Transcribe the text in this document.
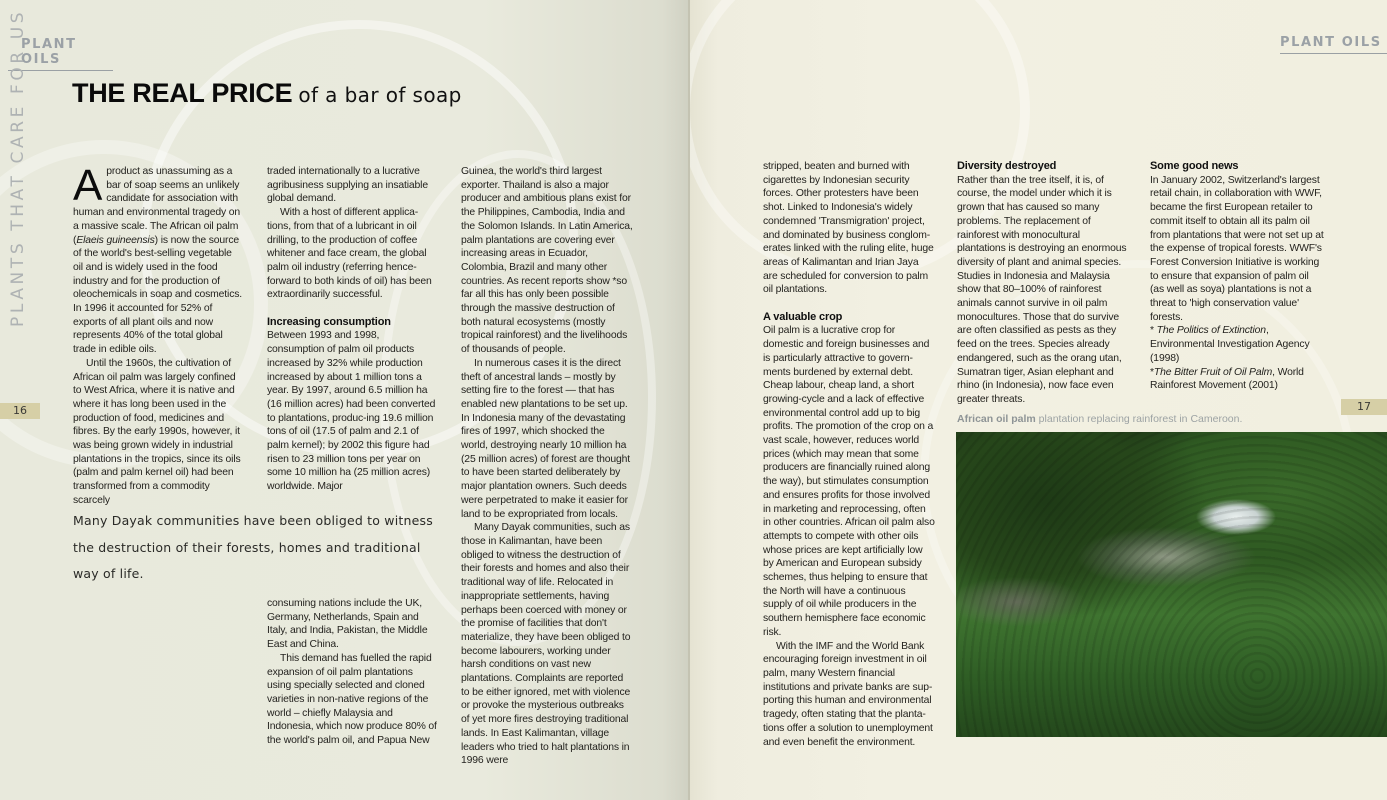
PLANT OILS
PLANTS THAT CARE FOR US
16
THE REAL PRICE of a bar of soap

Aproduct as unassuming as a bar of soap seems an unlikely candidate for association with human and environmental tragedy on a massive scale. The African oil palm (Elaeis guineensis) is now the source of the world's best-selling vegetable oil and is widely used in the food industry and for the production of oleochemicals in soap and cosmetics. In 1996 it accounted for 52% of exports of all plant oils and now represents 40% of the total global trade in edible oils.

Until the 1960s, the cultivation of African oil palm was largely confined to West Africa, where it is native and where it has long been used in the production of food, medicines and fibres. By the early 1990s, however, it was being grown widely in industrial plantations in the tropics, since its oils (palm and palm kernel oil) had been transformed from a commodity scarcely

traded internationally to a lucrative agribusiness supplying an insatiable global demand.

With a host of different applica-tions, from that of a lubricant in oil drilling, to the production of coffee whitener and face cream, the global palm oil industry (referring hence-forward to both kinds of oil) has been extraordinarily successful.

Increasing consumption

Between 1993 and 1998, consumption of palm oil products increased by 32% while production increased by about 1 million tons a year. By 1997, around 6.5 million ha (16 million acres) had been converted to plantations, produc-ing 19.6 million tons of oil (17.5 of palm and 2.1 of palm kernel); by 2002 this figure had risen to 23 million tons per year on some 10 million ha (25 million acres) worldwide. Major

consuming nations include the UK, Germany, Netherlands, Spain and Italy, and India, Pakistan, the Middle East and China.

This demand has fuelled the rapid expansion of oil palm plantations using specially selected and cloned varieties in non-native regions of the world – chiefly Malaysia and Indonesia, which now produce 80% of the world's palm oil, and Papua New

Guinea, the world's third largest exporter. Thailand is also a major producer and ambitious plans exist for the Philippines, Cambodia, India and the Solomon Islands. In Latin America, palm plantations are covering ever increasing areas in Ecuador, Colombia, Brazil and many other countries. As recent reports show *so far all this has only been possible through the massive destruction of both natural ecosystems (mostly tropical rainforest) and the livelihoods of thousands of people.

In numerous cases it is the direct theft of ancestral lands – mostly by setting fire to the forest — that has enabled new plantations to be set up. In Indonesia many of the devastating fires of 1997, which shocked the world, destroying nearly 10 million ha (25 million acres) of forest are thought to have been started deliberately by major plantation owners. Such deeds were perpetrated to make it easier for land to be expropriated from locals.

Many Dayak communities, such as those in Kalimantan, have been obliged to witness the destruction of their forests and homes and also their traditional way of life. Relocated in inappropriate settlements, having perhaps been coerced with money or the promise of facilities that don't materialize, they have been obliged to become labourers, working under harsh conditions on vast new plantations. Complaints are reported to be either ignored, met with violence or provoke the mysterious outbreaks of yet more fires destroying traditional lands. In East Kalimantan, village leaders who tried to halt plantations in 1996 were

Many Dayak communities have been obliged to witness the destruction of their forests, homes and traditional way of life.
PLANT OILS
17

stripped, beaten and burned with cigarettes by Indonesian security forces. Other protesters have been shot. Linked to Indonesia's widely condemned 'Transmigration' project, and dominated by business conglom-erates linked with the ruling elite, huge areas of Kalimantan and Irian Jaya are scheduled for conversion to palm oil plantations.

A valuable crop

Oil palm is a lucrative crop for domestic and foreign businesses and is particularly attractive to govern-ments burdened by external debt. Cheap labour, cheap land, a short growing-cycle and a lack of effective environmental control add up to big profits. The promotion of the crop on a vast scale, however, reduces world prices (which may mean that some producers are financially ruined along the way), but stimulates consumption and ensures profits for those involved in marketing and reprocessing, often in other countries. African oil palm also attempts to compete with other oils whose prices are kept artificially low by American and European subsidy schemes, thus helping to ensure that the North will have a continuous supply of oil while producers in the southern hemisphere face economic risk.

With the IMF and the World Bank encouraging foreign investment in oil palm, many Western financial institutions and private banks are sup-porting this human and environmental tragedy, often stating that the planta-tions offer a solution to unemployment and even benefit the environment.

Diversity destroyed

Rather than the tree itself, it is, of course, the model under which it is grown that has caused so many problems. The replacement of rainforest with monocultural plantations is destroying an enormous diversity of plant and animal species. Studies in Indonesia and Malaysia show that 80–100% of rainforest animals cannot survive in oil palm monocultures. Those that do survive are often classified as pests as they feed on the trees. Species already endangered, such as the orang utan, Sumatran tiger, Asian elephant and rhino (in Indonesia), now face even greater threats.

Some good news

In January 2002, Switzerland's largest retail chain, in collaboration with WWF, became the first European retailer to commit itself to obtain all its palm oil from plantations that were not set up at the expense of tropical forests. WWF's Forest Conversion Initiative is working to ensure that expansion of palm oil (as well as soya) plantations is not a threat to 'high conservation value' forests.

* The Politics of Extinction, Environmental Investigation Agency (1998)

*The Bitter Fruit of Oil Palm, World Rainforest Movement (2001)

African oil palm plantation replacing rainforest in Cameroon.
